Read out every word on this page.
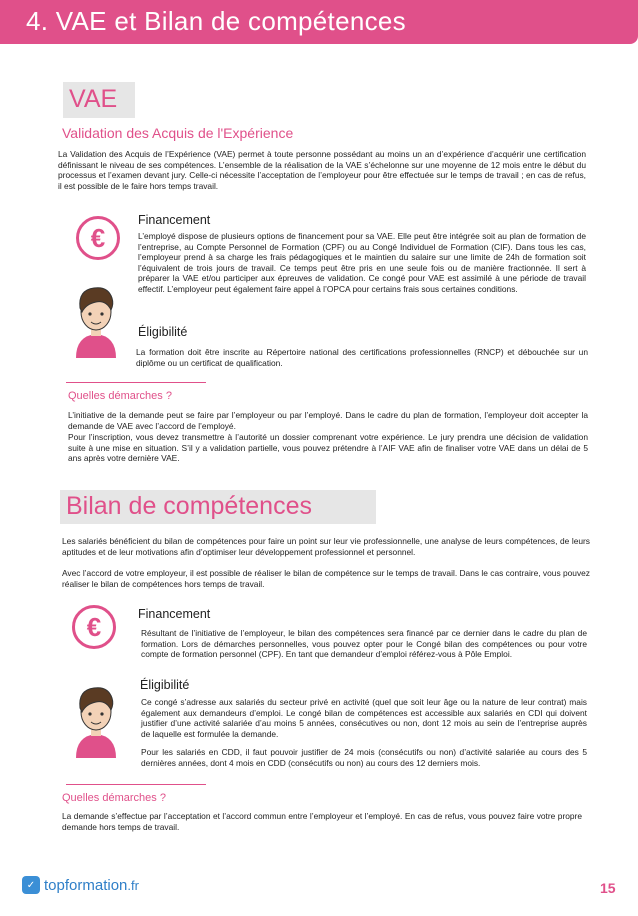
4. VAE et Bilan de compétences
VAE
Validation des Acquis de l'Expérience
La Validation des Acquis de l’Expérience (VAE) permet à toute personne possédant au moins un an d’expérience d’acquérir une certification définissant le niveau de ses compétences. L’ensemble de la réalisation de la VAE s’échelonne sur une moyenne de 12 mois entre le début du processus et l’examen devant jury. Celle-ci nécessite l’acceptation de l’employeur pour être effectuée sur le temps de travail ; en cas de refus, il est possible de le faire hors temps travail.
€
Financement
L’employé dispose de plusieurs options de financement pour sa VAE. Elle peut être intégrée soit au plan de formation de l’entreprise, au Compte Personnel de Formation (CPF) ou au Congé Individuel de Formation (CIF). Dans tous les cas, l’employeur prend à sa charge les frais pédagogiques et le maintien du salaire sur une limite de 24h de formation soit l’équivalent de trois jours de travail. Ce temps peut être pris en une seule fois ou de manière fractionnée. Il sert à préparer la VAE et/ou participer aux épreuves de validation. Ce congé pour VAE est assimilé à une période de travail effectif. L’employeur peut également faire appel à l’OPCA pour certains frais sous certaines conditions.
Éligibilité
La formation doit être inscrite au Répertoire national des certifications professionnelles (RNCP) et débouchée sur un diplôme ou un certificat de qualification.
Quelles démarches ?
L’initiative de la demande peut se faire par l’employeur ou par l’employé. Dans le cadre du plan de formation, l’employeur doit accepter la demande de VAE avec l’accord de l’employé.
Pour l’inscription, vous devez transmettre à l’autorité un dossier comprenant votre expérience. Le jury prendra une décision de validation suite à une mise en situation. S’il y a validation partielle, vous pouvez prétendre à l’AIF VAE afin de finaliser votre VAE dans un délai de 5 ans après votre dernière VAE.
Bilan de compétences
Les salariés bénéficient du bilan de compétences pour faire un point sur leur vie professionnelle, une analyse de leurs compétences, de leurs aptitudes et de leur motivations afin d’optimiser leur développement professionnel et personnel.
Avec l’accord de votre employeur, il est possible de réaliser le bilan de compétence sur le temps de travail. Dans le cas contraire, vous pouvez réaliser le bilan de compétences hors temps de travail.
€	Financement
Résultant de l’initiative de l’employeur, le bilan des compétences sera financé par ce dernier dans le cadre du plan de formation. Lors de démarches personnelles, vous pouvez opter pour le Congé bilan des compétences ou pour votre compte de formation personnel (CPF). En tant que demandeur d’emploi référez-vous à Pôle Emploi.
Éligibilité
Ce congé s’adresse aux salariés du secteur privé en activité (quel que soit leur âge ou la nature de leur contrat) mais également aux demandeurs d’emploi. Le congé bilan de compétences est accessible aux salariés en CDI qui doivent justifier d’une activité salariée d’au moins 5 années, consécutives ou non, dont 12 mois au sein de l’entreprise auprès de laquelle est formulée la demande.
Pour les salariés en CDD, il faut pouvoir justifier de 24 mois (consécutifs ou non) d’activité salariée au cours des 5 dernières années, dont 4 mois en CDD (consécutifs ou non) au cours des 12 derniers mois.
Quelles démarches ?
La demande s’effectue par l’acceptation et l’accord commun entre l’employeur et l’employé. En cas de refus, vous pouvez faire votre propre demande hors temps de travail.
✓ topformation.fr	15
